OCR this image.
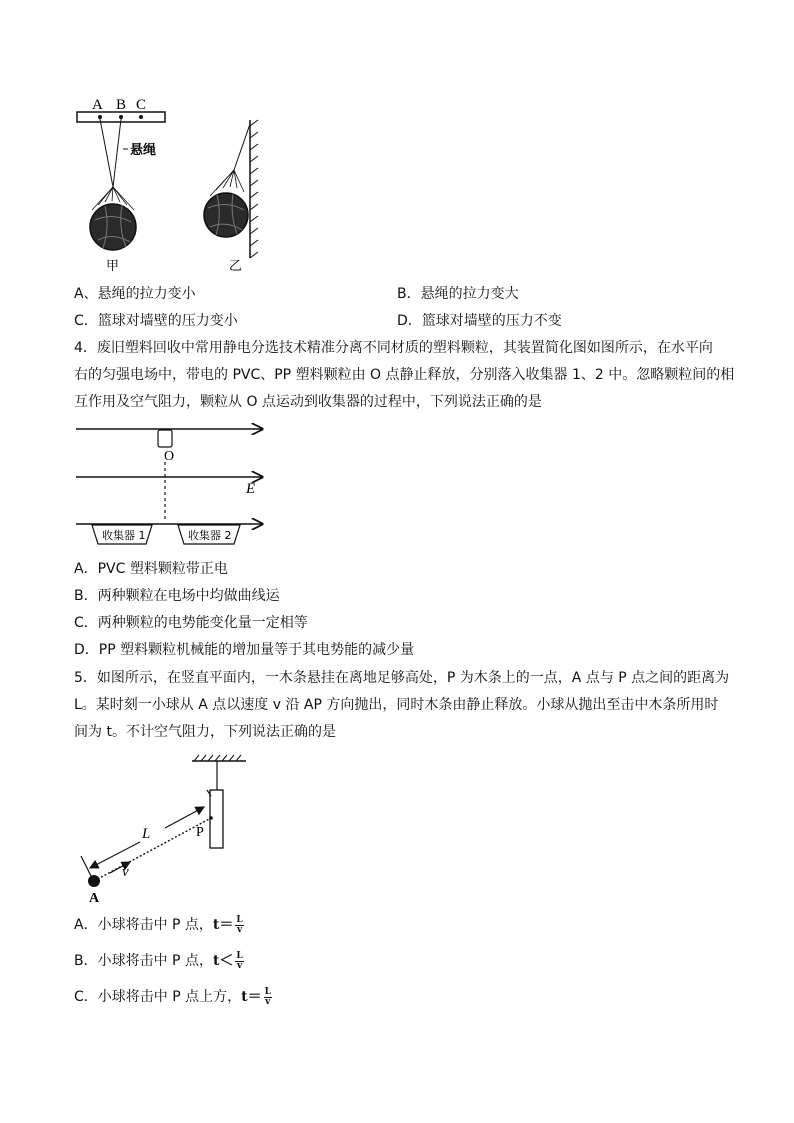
A B C
悬绳
甲	乙
A、悬绳的拉力变小	B．悬绳的拉力变大
C．篮球对墙壁的压力变小	D．篮球对墙壁的压力不变
4．废旧塑料回收中常用静电分选技术精准分离不同材质的塑料颗粒，其装置简化图如图所示，在水平向
右的匀强电场中，带电的 PVC、PP 塑料颗粒由 O 点静止释放，分别落入收集器 1、2 中。忽略颗粒间的相
互作用及空气阻力，颗粒从 O 点运动到收集器的过程中，下列说法正确的是
O
E
收集器 1	收集器 2
A．PVC 塑料颗粒带正电
B．两种颗粒在电场中均做曲线运
C．两种颗粒的电势能变化量一定相等
D．PP 塑料颗粒机械能的增加量等于其电势能的减少量
5．如图所示，在竖直平面内，一木条悬挂在离地足够高处，P 为木条上的一点，A 点与 P 点之间的距离为
L。某时刻一小球从 A 点以速度 v 沿 AP 方向抛出，同时木条由静止释放。小球从抛出至击中木条所用时
间为 t。不计空气阻力，下列说法正确的是
P
L
v
A
A．小球将击中 P 点，$t= \frac{L}{v}$
B．小球将击中 P 点，$t< \frac{L}{v}$
C．小球将击中 P 点上方，$t= \frac{L}{v}$
